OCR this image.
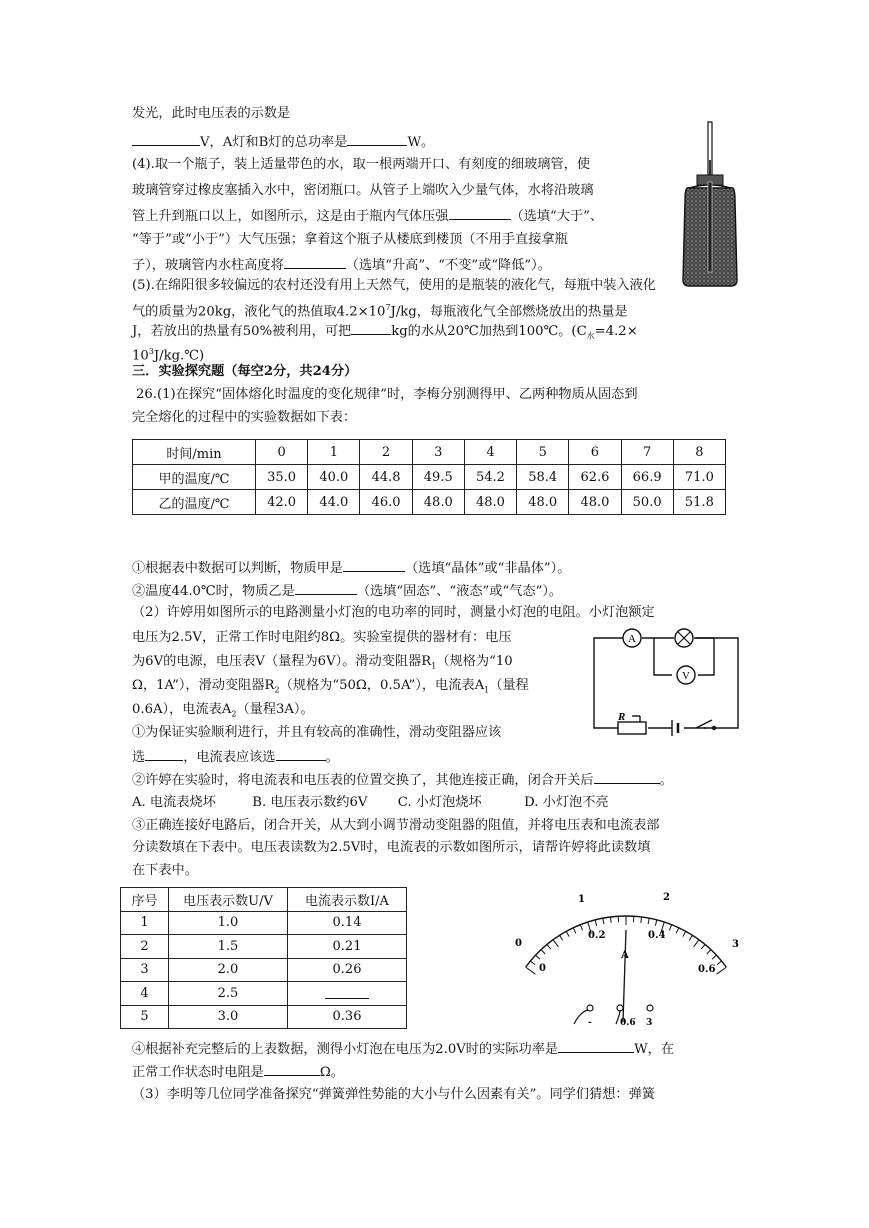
发光，此时电压表的示数是
V，A灯和B灯的总功率是	W。
(4).取一个瓶子，装上适量带色的水，取一根两端开口、有刻度的细玻璃管，使
玻璃管穿过橡皮塞插入水中，密闭瓶口。从管子上端吹入少量气体，水将沿玻璃
管上升到瓶口以上，如图所示，这是由于瓶内气体压强	（选填“大于”、
“等于”或“小于”）大气压强；拿着这个瓶子从楼底到楼顶（不用手直接拿瓶
子），玻璃管内水柱高度将	（选填“升高”、“不变”或“降低”）。
(5).在绵阳很多较偏远的农村还没有用上天然气，使用的是瓶装的液化气，每瓶中装入液化
气的质量为20kg，液化气的热值取$4.2\times 10^7J/kg$，每瓶液化气全部燃烧放出的热量是
J，若放出的热量有50%被利用，可把	kg的水从20℃加热到100℃。($C_水=4.2\times$
$10^3J/kg.℃$)
三．实验探究题（每空2分，共24分）
26.(1)在探究“固体熔化时温度的变化规律”时，李梅分别测得甲、乙两种物质从固态到
完全熔化的过程中的实验数据如下表：
时间/min	0	1	2	3	4	5	6	7	8
甲的温度/℃	35.0	40.0	44.8	49.5	54.2	58.4	62.6	66.9	71.0
乙的温度/℃	42.0	44.0	46.0	48.0	48.0	48.0	48.0	50.0	51.8
①根据表中数据可以判断，物质甲是	（选填“晶体”或“非晶体”）。
②温度44.0℃时，物质乙是	（选填“固态”、“液态”或“气态”）。
（2）许婷用如图所示的电路测量小灯泡的电功率的同时，测量小灯泡的电阻。小灯泡额定
电压为2.5V，正常工作时电阻约8Ω。实验室提供的器材有：电压
为6V的电源，电压表V（量程为6V）。滑动变阻器$R_1$（规格为“10
Ω，1A”），滑动变阻器$R_2$（规格为“50Ω，0.5A”），电流表$A_1$（量程
0.6A），电流表$A_2$（量程3A）。
①为保证实验顺利进行，并且有较高的准确性，滑动变阻器应该
选	，电流表应该选	。
A
V
R
②许婷在实验时，将电流表和电压表的位置交换了，其他连接正确，闭合开关后	。
A. 电流表烧坏	B. 电压表示数约6V C. 小灯泡烧坏	D. 小灯泡不亮
③正确连接好电路后，闭合开关，从大到小调节滑动变阻器的阻值，并将电压表和电流表部
分读数填在下表中。电压表读数为2.5V时，电流表的示数如图所示，请帮许婷将此读数填
在下表中。
序号	电压表示数U/V	电流表示数I/A
1	1.0	0.14
2	1.5	0.21
3	2.0	0.26
4	2.5	
5	3.0	0.36
0
1	2
3
0
0.2	0.4
0.6
A
-	0.6 3
④根据补充完整后的上表数据，测得小灯泡在电压为2.0V时的实际功率是	W，在
正常工作状态时电阻是	Ω。
（3）李明等几位同学准备探究“弹簧弹性势能的大小与什么因素有关”。同学们猜想：弹簧
